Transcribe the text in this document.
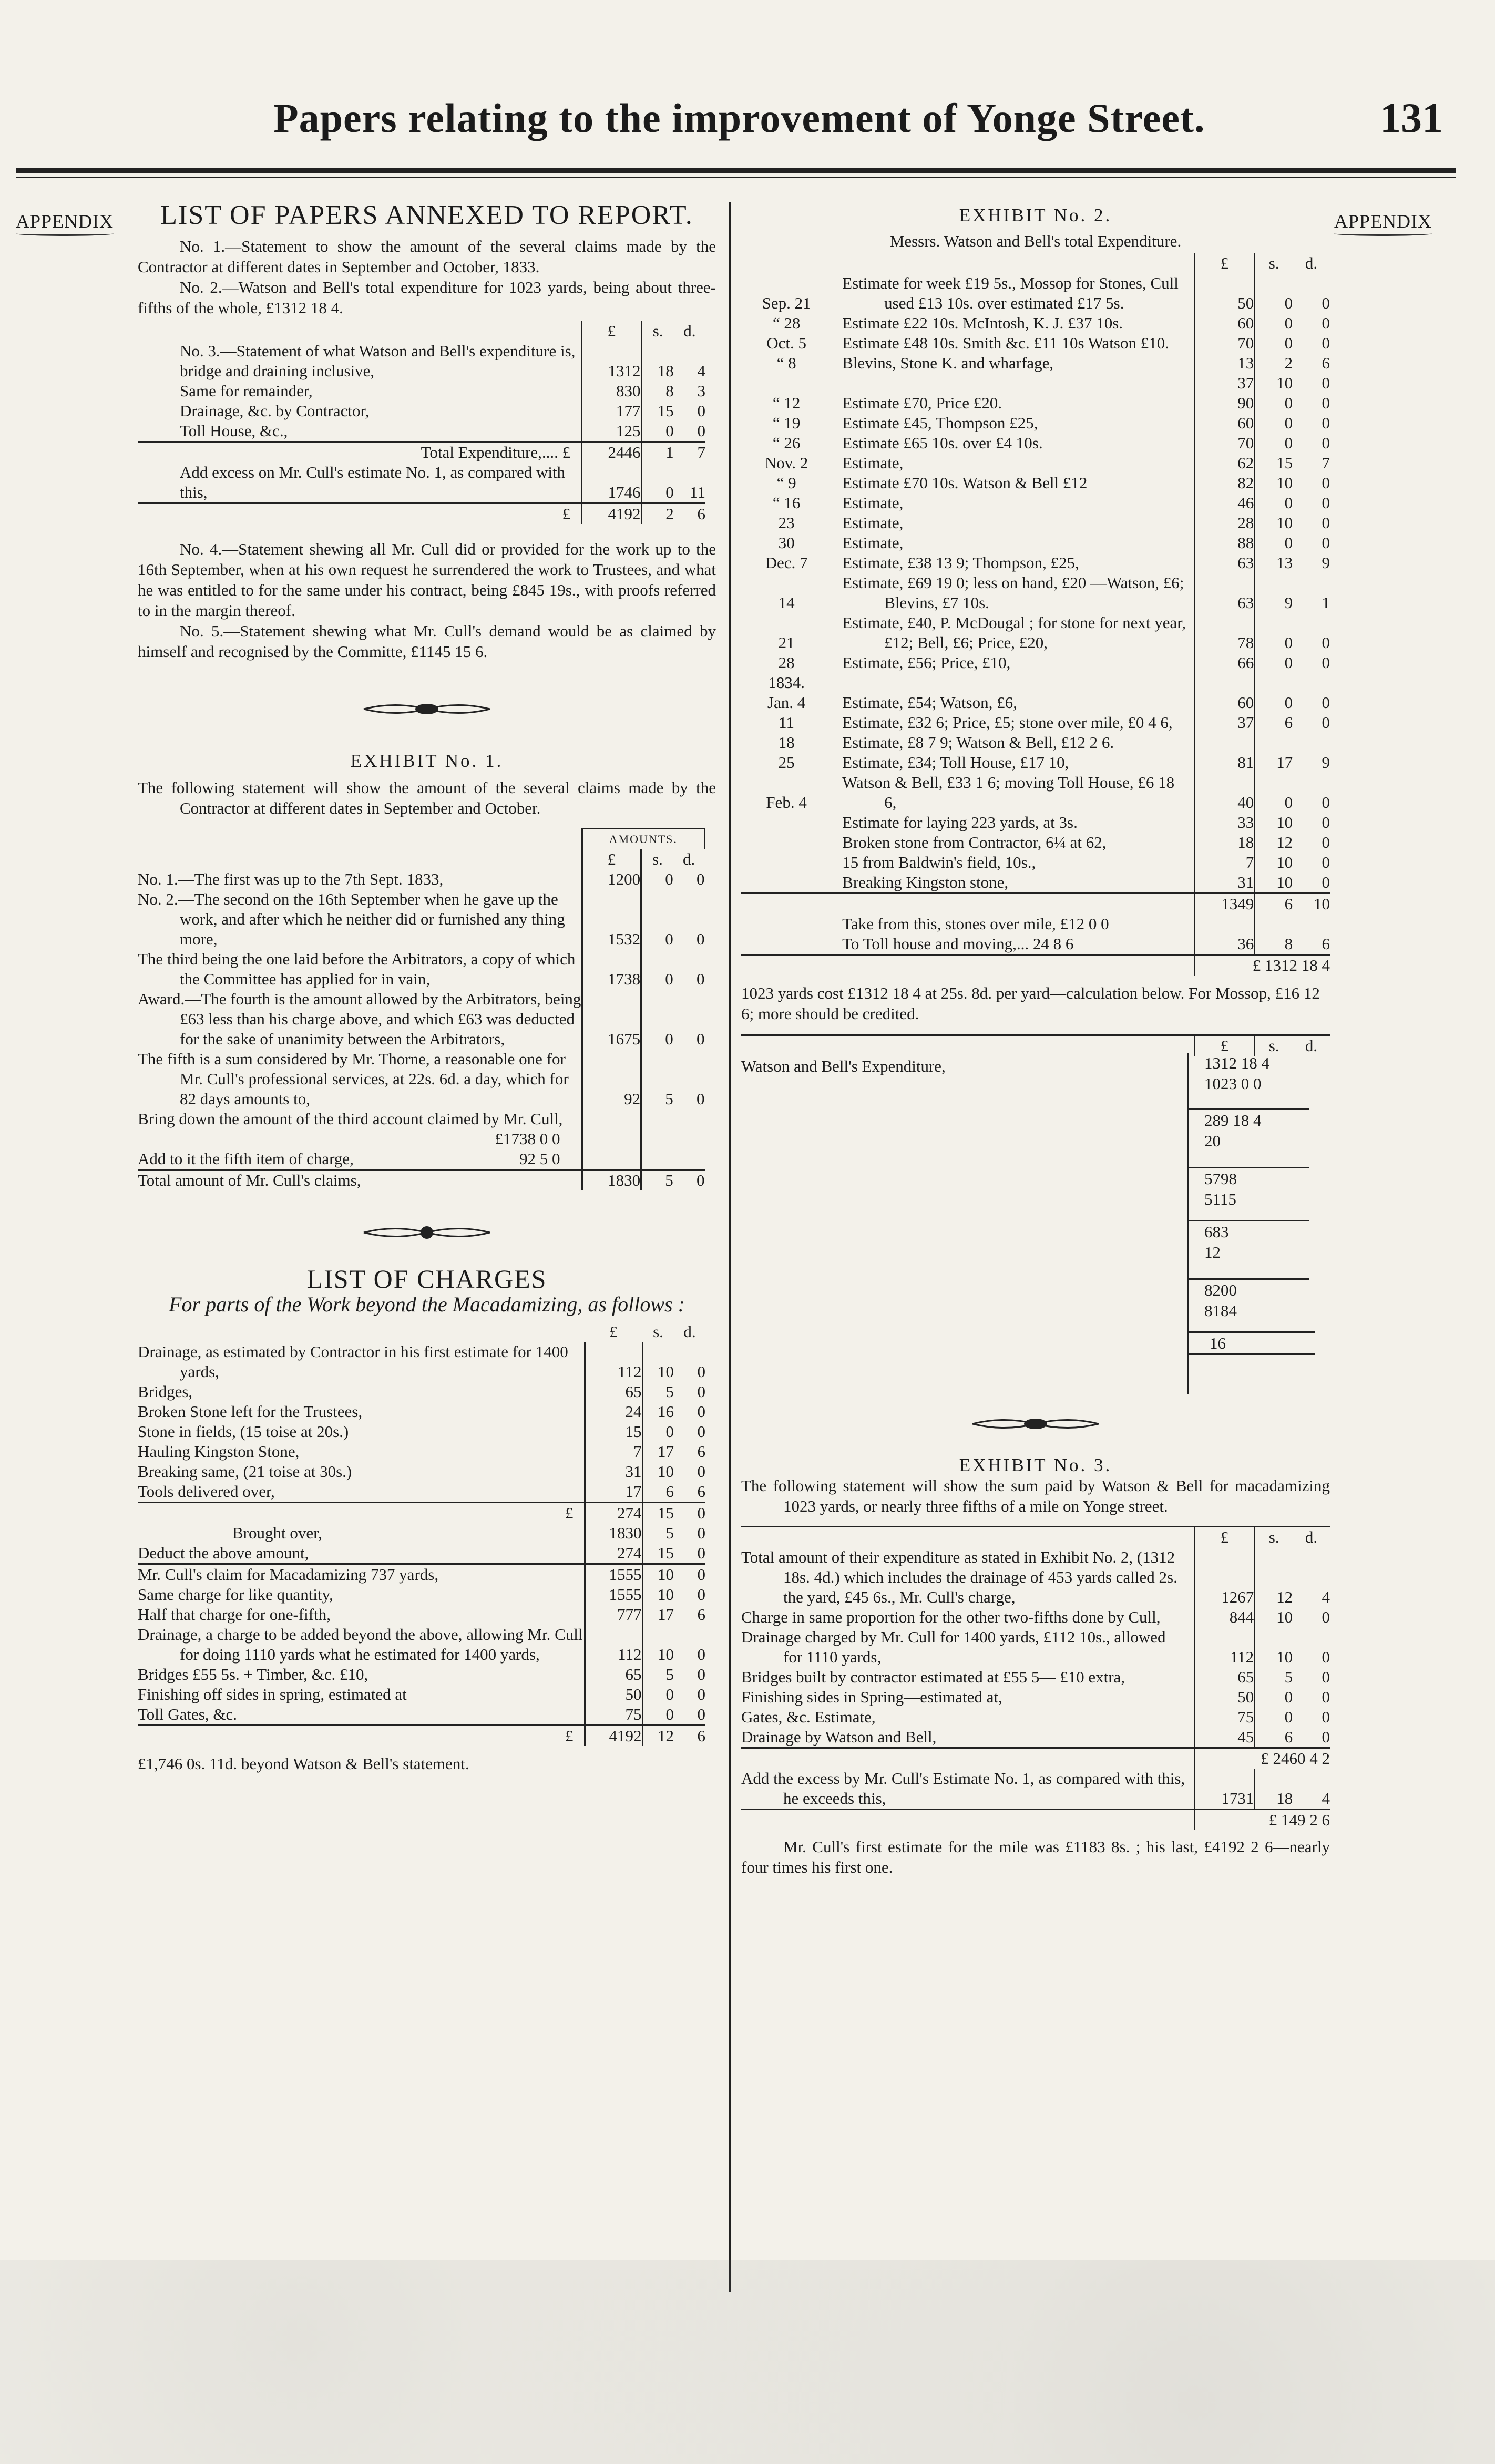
Papers relating to the improvement of Yonge Street.	131
APPENDIX	APPENDIX
LIST OF PAPERS ANNEXED TO REPORT.

No. 1.—Statement to show the amount of the several claims made by the Contractor at different dates in September and October, 1833.

No. 2.—Watson and Bell's total expenditure for 1023 yards, being about three-fifths of the whole, £1312 18 4.

	£	s.	d.
No. 3.—Statement of what Watson and Bell's expenditure is, bridge and draining inclusive,	1312	18	4
Same for remainder,	830	8	3
Drainage, &c. by Contractor,	177	15	0
Toll House, &c.,	125	0	0
Total Expenditure,.... £	2446	1	7
Add excess on Mr. Cull's estimate No. 1, as compared with this,	1746	0	11
£	4192	2	6

No. 4.—Statement shewing all Mr. Cull did or provided for the work up to the 16th September, when at his own request he surrendered the work to Trustees, and what he was entitled to for the same under his contract, being £845 19s., with proofs referred to in the margin thereof.

No. 5.—Statement shewing what Mr. Cull's demand would be as claimed by himself and recognised by the Committe, £1145 15 6.

EXHIBIT No. 1.

The following statement will show the amount of the several claims made by the Contractor at different dates in September and October.

	AMOUNTS.		
	£	s.	d.
No. 1.—The first was up to the 7th Sept. 1833,	1200	0	0
No. 2.—The second on the 16th September when he gave up the work, and after which he neither did or furnished any thing more,	1532	0	0
The third being the one laid before the Arbitrators, a copy of which the Committee has applied for in vain,	1738	0	0
Award.—The fourth is the amount allowed by the Arbitrators, being £63 less than his charge above, and which £63 was deducted for the sake of unanimity between the Arbitrators,	1675	0	0
The fifth is a sum considered by Mr. Thorne, a reasonable one for Mr. Cull's professional services, at 22s. 6d. a day, which for 82 days amounts to,	92	5	0
Bring down the amount of the third account claimed by Mr. Cull,
£1738 0 0			

Add to it the fifth item of charge, 92 5 0			

Total amount of Mr. Cull's claims,	1830	5	0
LIST OF CHARGES
For parts of the Work beyond the Macadamizing, as follows :
	£	s.	d.
Drainage, as estimated by Contractor in his first estimate for 1400 yards,	112	10	0
Bridges,	65	5	0
Broken Stone left for the Trustees,	24	16	0
Stone in fields, (15 toise at 20s.)	15	0	0
Hauling Kingston Stone,	7	17	6
Breaking same, (21 toise at 30s.)	31	10	0
Tools delivered over,	17	6	6
£	274	15	0
Brought over,	1830	5	0
Deduct the above amount,	274	15	0
Mr. Cull's claim for Macadamizing 737 yards,	1555	10	0
Same charge for like quantity,	1555	10	0
Half that charge for one-fifth,	777	17	6
Drainage, a charge to be added beyond the above, allowing Mr. Cull for doing 1110 yards what he estimated for 1400 yards,	112	10	0
Bridges £55 5s. + Timber, &c. £10,	65	5	0
Finishing off sides in spring, estimated at	50	0	0
Toll Gates, &c.	75	0	0
£	4192	12	6

£1,746 0s. 11d. beyond Watson & Bell's statement.

EXHIBIT No. 2.
Messrs. Watson and Bell's total Expenditure.
		£	s.	d.
Sep. 21	Estimate for week £19 5s., Mossop for Stones, Cull used £13 10s. over estimated £17 5s.	50	0	0
“ 28	Estimate £22 10s. McIntosh, K. J. £37 10s.	60	0	0
Oct. 5	Estimate £48 10s. Smith &c. £11 10s Watson £10.	70	0	0
“ 8	Blevins, Stone K. and wharfage,	13	2	6
		37	10	0
“ 12	Estimate £70, Price £20.	90	0	0
“ 19	Estimate £45, Thompson £25,	60	0	0
“ 26	Estimate £65 10s. over £4 10s.	70	0	0
Nov. 2	Estimate,	62	15	7
“ 9	Estimate £70 10s. Watson & Bell £12	82	10	0
“ 16	Estimate,	46	0	0
23	Estimate,	28	10	0
30	Estimate,	88	0	0
Dec. 7	Estimate, £38 13 9; Thompson, £25,	63	13	9
14	Estimate, £69 19 0; less on hand, £20 —Watson, £6; Blevins, £7 10s.	63	9	1
21	Estimate, £40, P. McDougal ; for stone for next year, £12; Bell, £6; Price, £20,	78	0	0
28	Estimate, £56; Price, £10,	66	0	0
1834.				
Jan. 4	Estimate, £54; Watson, £6,	60	0	0
11	Estimate, £32 6; Price, £5; stone over mile, £0 4 6,	37	6	0
18	Estimate, £8 7 9; Watson & Bell, £12 2 6.			
25	Estimate, £34; Toll House, £17 10,	81	17	9
Feb. 4	Watson & Bell, £33 1 6; moving Toll House, £6 18 6,	40	0	0
	Estimate for laying 223 yards, at 3s.	33	10	0
	Broken stone from Contractor, 6¼ at 62,	18	12	0
	15 from Baldwin's field, 10s.,	7	10	0
	Breaking Kingston stone,	31	10	0
		1349	6	10
	Take from this, stones over mile, £12 0 0			
	To Toll house and moving,... 24 8 6	36	8	6
		£ 1312 18 4		
1023 yards cost £1312 18 4 at 25s. 8d. per yard—calculation below. For Mossop, £16 12 6; more should be credited.
	£	s.	d.
Watson and Bell's Expenditure,	1312 18 4
1023 0 0
289 18 4
20
5798
5115
683
12
8200
8184
16
EXHIBIT No. 3.

The following statement will show the sum paid by Watson & Bell for macadamizing 1023 yards, or nearly three fifths of a mile on Yonge street.

	£	s.	d.
Total amount of their expenditure as stated in Exhibit No. 2, (1312 18s. 4d.) which includes the drainage of 453 yards called 2s. the yard, £45 6s., Mr. Cull's charge,	1267	12	4
Charge in same proportion for the other two-fifths done by Cull,	844	10	0
Drainage charged by Mr. Cull for 1400 yards, £112 10s., allowed for 1110 yards,	112	10	0
Bridges built by contractor estimated at £55 5— £10 extra,	65	5	0
Finishing sides in Spring—estimated at,	50	0	0
Gates, &c. Estimate,	75	0	0
Drainage by Watson and Bell,	45	6	0
	£ 2460 4 2		
Add the excess by Mr. Cull's Estimate No. 1, as compared with this, he exceeds this,	1731	18	4
	£ 149 2 6		

Mr. Cull's first estimate for the mile was £1183 8s. ; his last, £4192 2 6—nearly four times his first one.
